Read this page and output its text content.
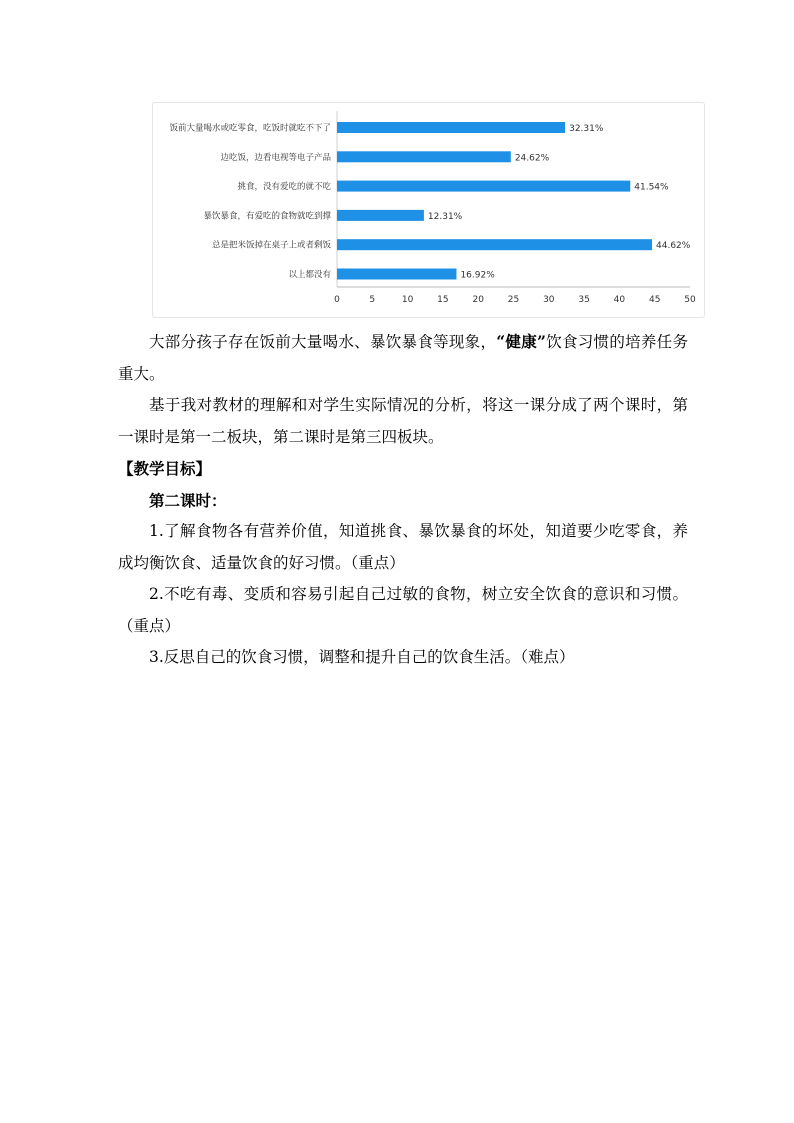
饭前大量喝水或吃零食，吃饭时就吃不下了	32.31%
边吃饭，边看电视等电子产品	24.62%
挑食，没有爱吃的就不吃	41.54%
暴饮暴食，有爱吃的食物就吃到撑	12.31%
总是把米饭掉在桌子上或者剩饭	44.62%
以上都没有	16.92%
0	5	10	15	20	25	30	35	40	45	50

大部分孩子存在饭前大量喝水、暴饮暴食等现象，“健康”饮食习惯的培养任务重大。

基于我对教材的理解和对学生实际情况的分析，将这一课分成了两个课时，第一课时是第一二板块，第二课时是第三四板块。

【教学目标】

第二课时：

1.了解食物各有营养价值，知道挑食、暴饮暴食的坏处，知道要少吃零食，养成均衡饮食、适量饮食的好习惯。（重点）

2.不吃有毒、变质和容易引起自己过敏的食物，树立安全饮食的意识和习惯。（重点）

3.反思自己的饮食习惯，调整和提升自己的饮食生活。（难点）
